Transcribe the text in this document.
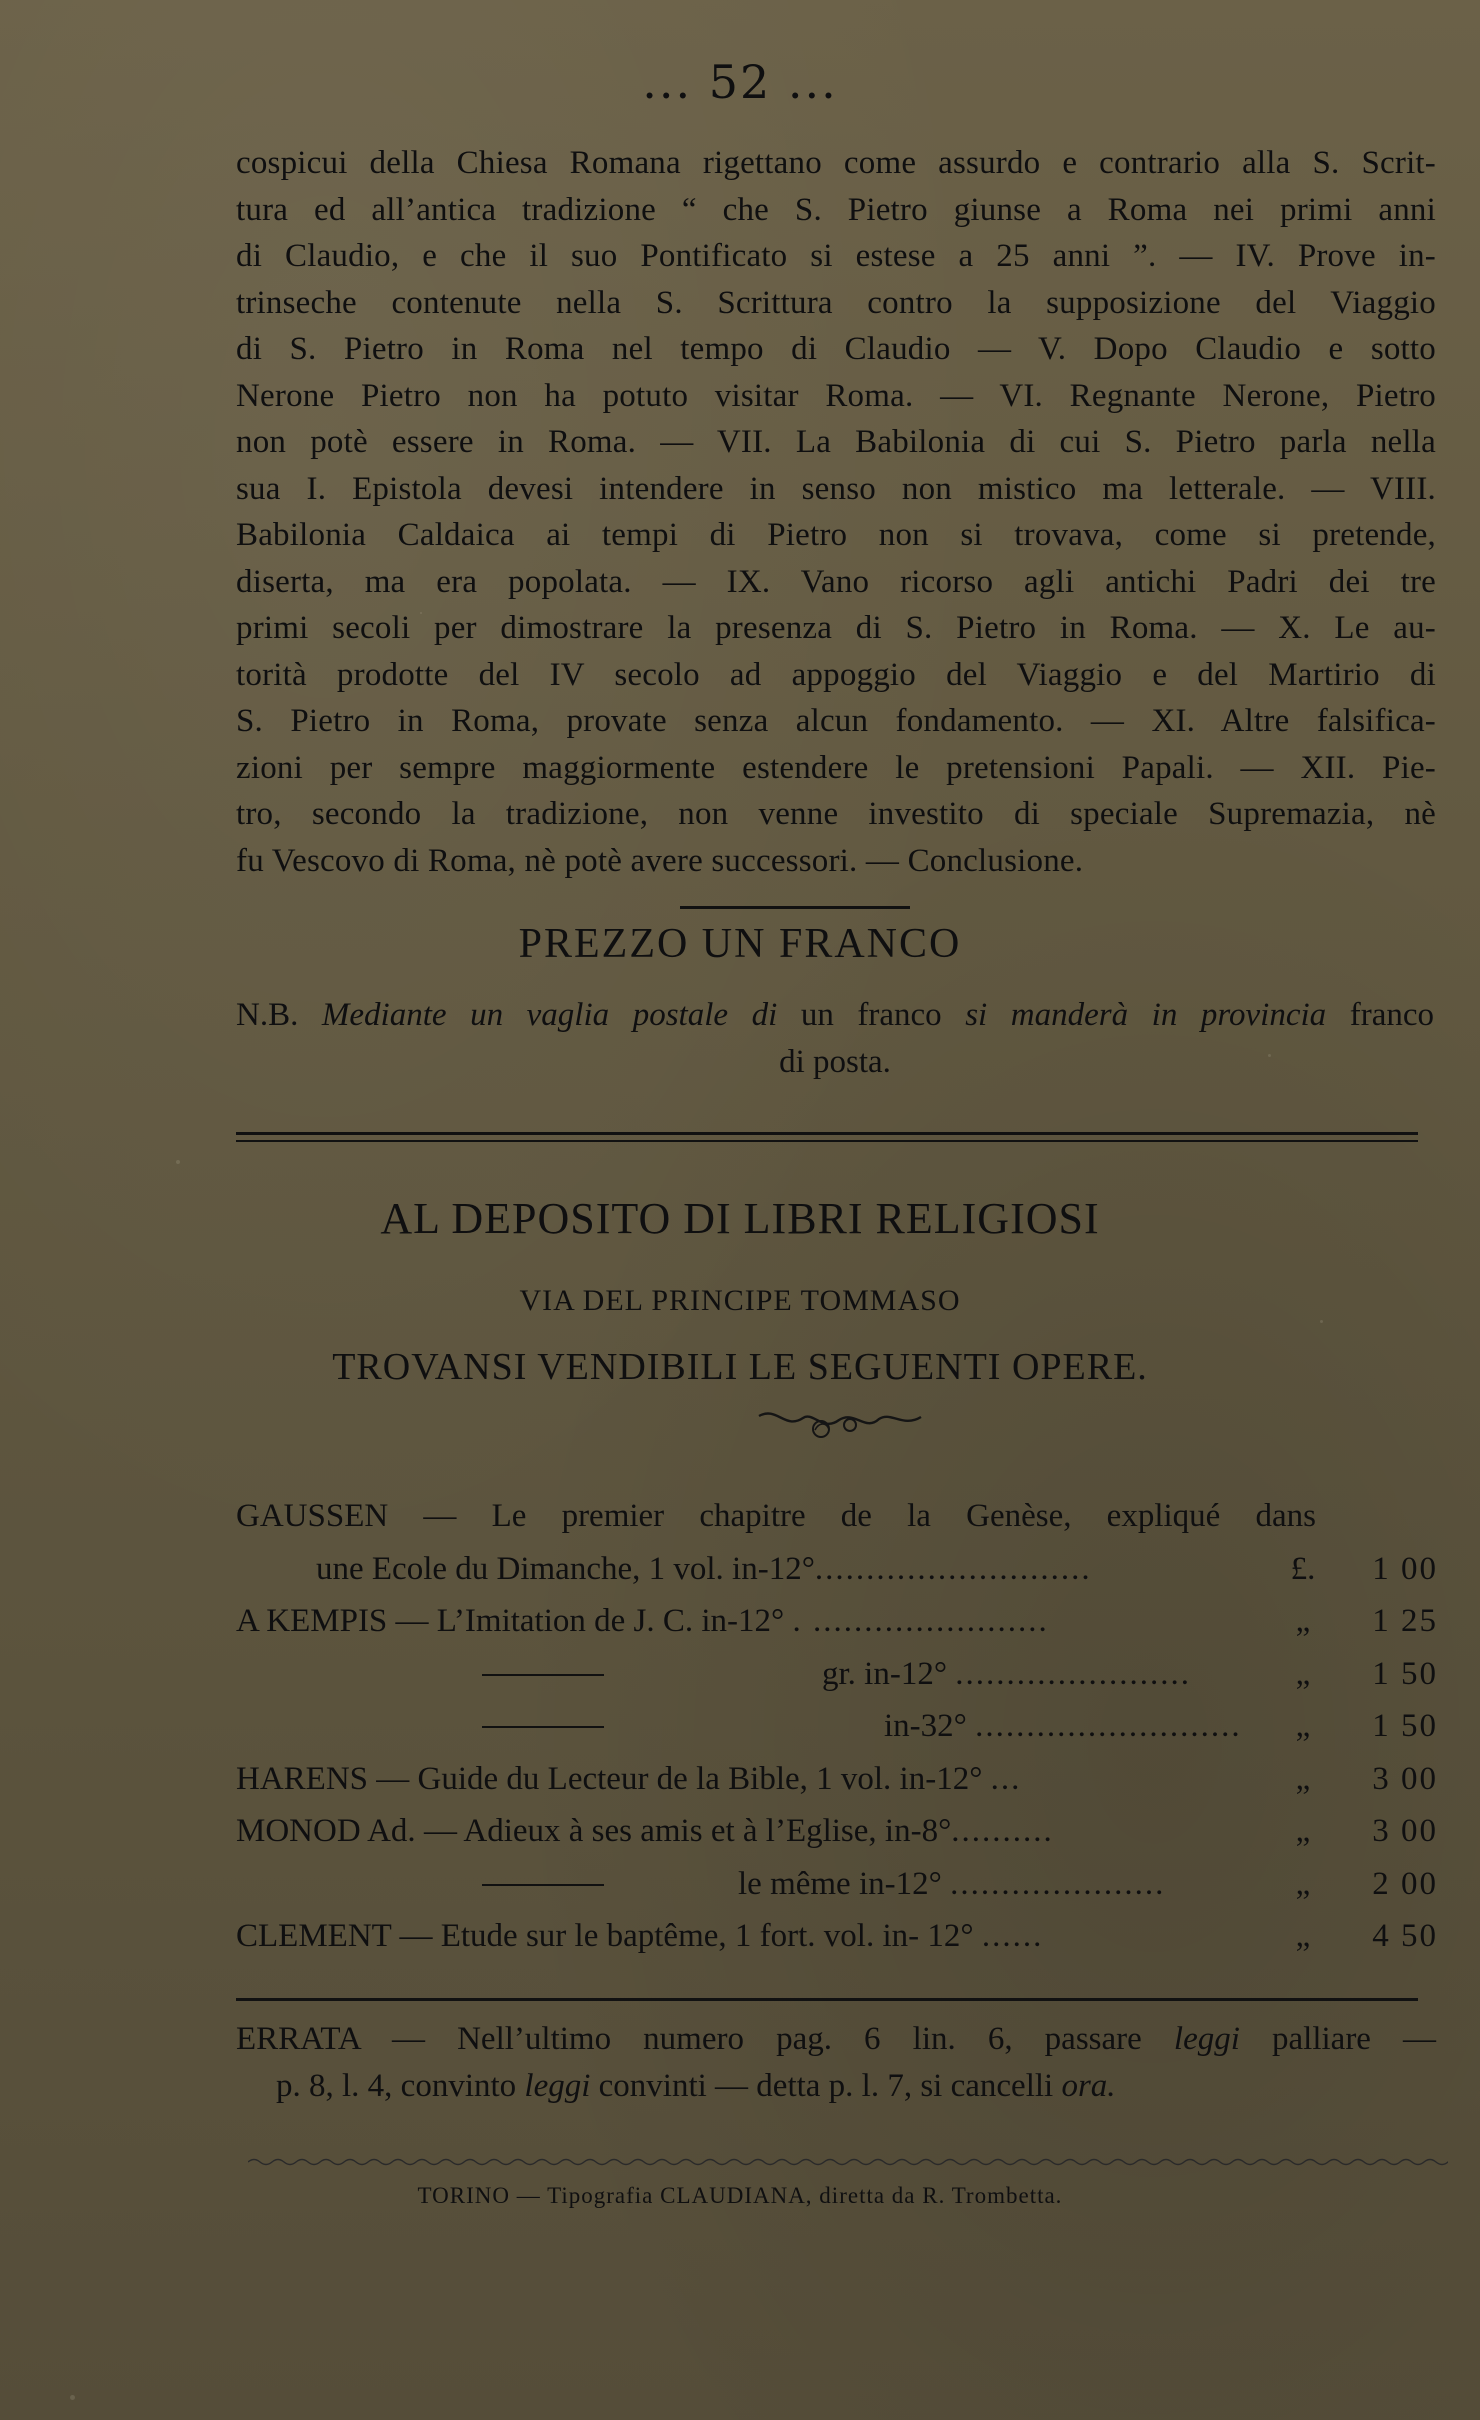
... 52 ...
cospicui della Chiesa Romana rigettano come assurdo e contrario alla S. Scrit-
tura ed all’antica tradizione “ che S. Pietro giunse a Roma nei primi anni
di Claudio, e che il suo Pontificato si estese a 25 anni ”. — IV. Prove in-
trinseche contenute nella S. Scrittura contro la supposizione del Viaggio
di S. Pietro in Roma nel tempo di Claudio — V. Dopo Claudio e sotto
Nerone Pietro non ha potuto visitar Roma. — VI. Regnante Nerone, Pietro
non potè essere in Roma. — VII. La Babilonia di cui S. Pietro parla nella
sua I. Epistola devesi intendere in senso non mistico ma letterale. — VIII.
Babilonia Caldaica ai tempi di Pietro non si trovava, come si pretende,
diserta, ma era popolata. — IX. Vano ricorso agli antichi Padri dei tre
primi secoli per dimostrare la presenza di S. Pietro in Roma. — X. Le au-
torità prodotte del IV secolo ad appoggio del Viaggio e del Martirio di
S. Pietro in Roma, provate senza alcun fondamento. — XI. Altre falsifica-
zioni per sempre maggiormente estendere le pretensioni Papali. — XII. Pie-
tro, secondo la tradizione, non venne investito di speciale Supremazia, nè
fu Vescovo di Roma, nè potè avere successori. — Conclusione.
PREZZO UN FRANCO
N.B. Mediante un vaglia postale di un franco si manderà in provincia franco
di posta.
AL DEPOSITO DI LIBRI RELIGIOSI
VIA DEL PRINCIPE TOMMASO
TROVANSI VENDIBILI LE SEGUENTI OPERE.
GAUSSEN — Le premier chapitre de la Genèse, expliqué dans
une Ecole du Dimanche, 1 vol. in-12°...........................	£.	1 00
A KEMPIS — L’Imitation de J. C. in-12° . .......................	„	1 25
gr. in-12° .......................	„	1 50
in-32° ..........................	„	1 50
HARENS — Guide du Lecteur de la Bible, 1 vol. in-12° ...	„	3 00
MONOD Ad. — Adieux à ses amis et à l’Eglise, in-8°..........	„	3 00
le même in-12° .....................	„	2 00
CLEMENT — Etude sur le baptême, 1 fort. vol. in- 12° ......	„	4 50
ERRATA — Nell’ultimo numero pag. 6 lin. 6, passare leggi palliare —
p. 8, l. 4, convinto leggi convinti — detta p. l. 7, si cancelli ora.
TORINO — Tipografia CLAUDIANA, diretta da R. Trombetta.
